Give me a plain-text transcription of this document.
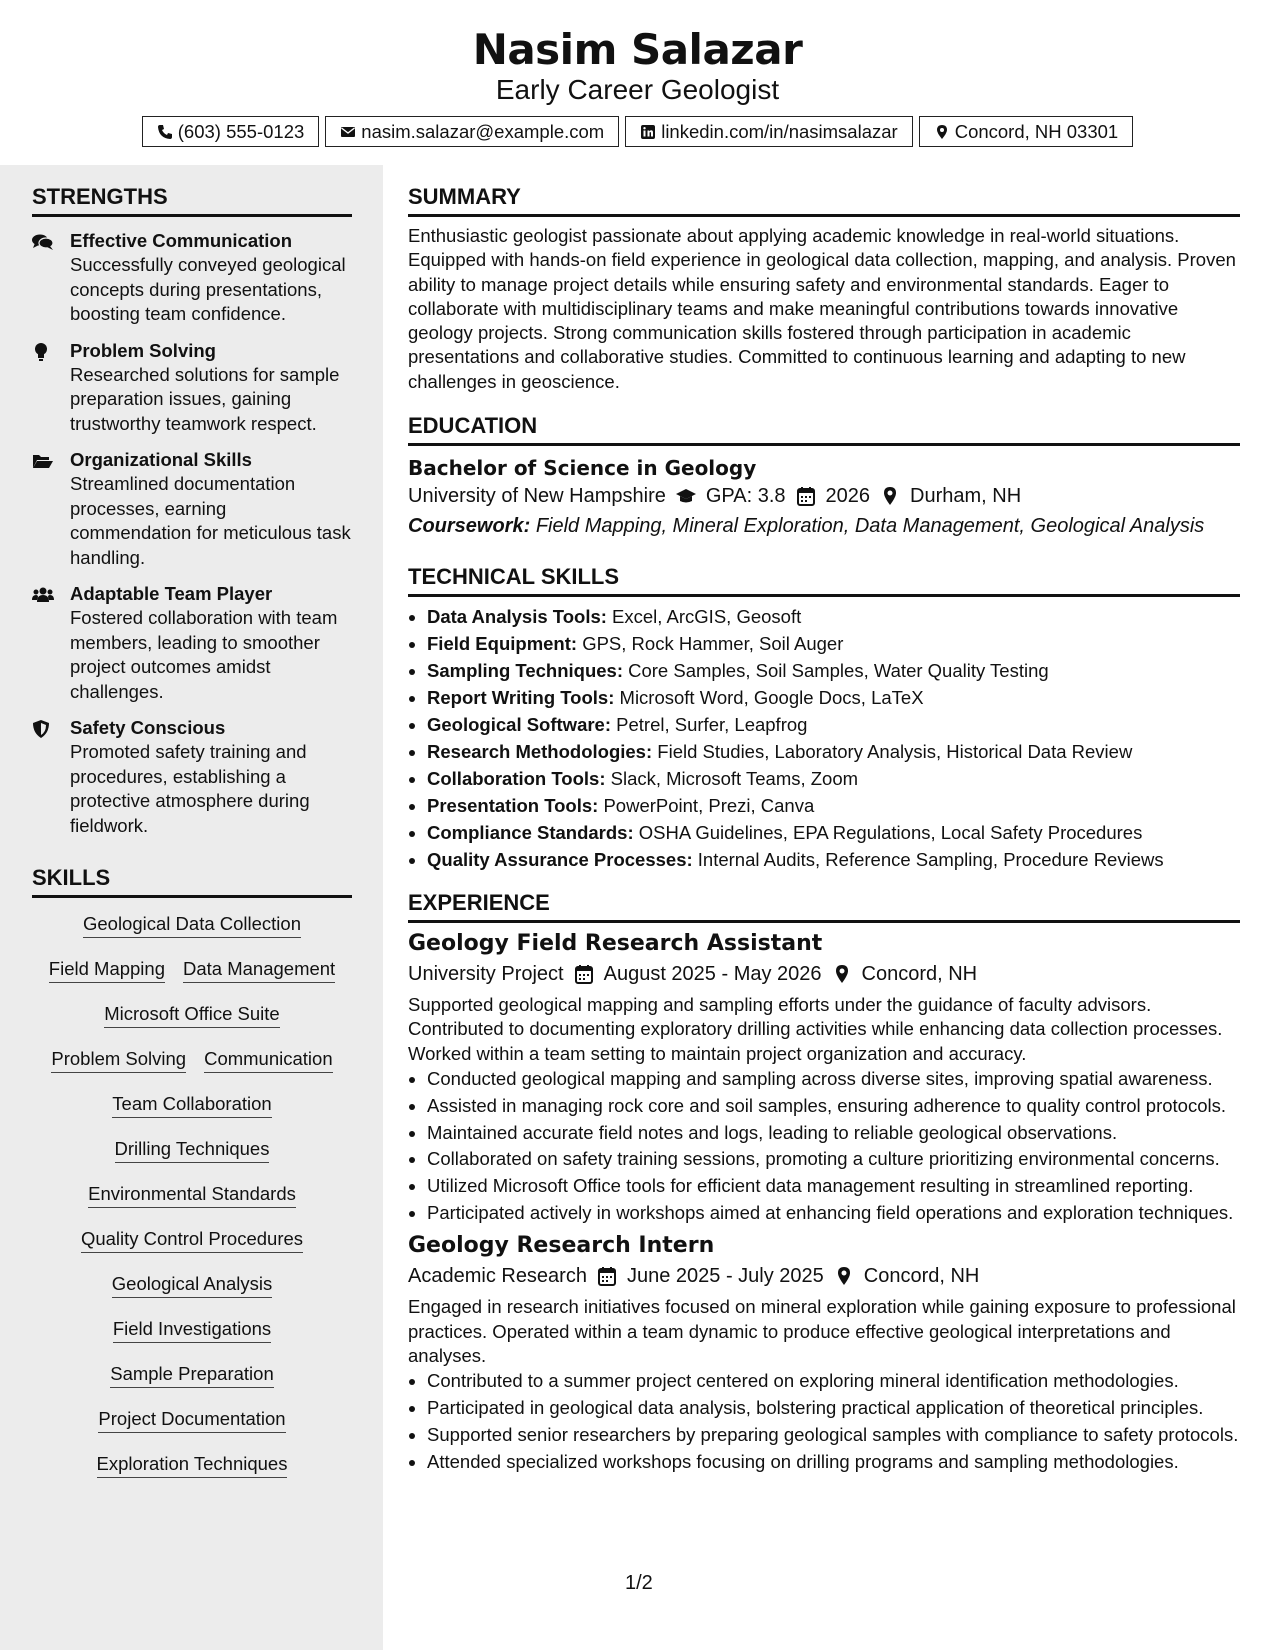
Nasim Salazar
Early Career Geologist
(603) 555-0123	nasim.salazar@example.com	linkedin.com/in/nasimsalazar	Concord, NH 03301
STRENGTHS
Effective Communication
Successfully conveyed geological concepts during presentations, boosting team confidence.
Problem Solving
Researched solutions for sample preparation issues, gaining trustworthy teamwork respect.
Organizational Skills
Streamlined documentation processes, earning commendation for meticulous task handling.
Adaptable Team Player
Fostered collaboration with team members, leading to smoother project outcomes amidst challenges.
Safety Conscious
Promoted safety training and procedures, establishing a protective atmosphere during fieldwork.
SKILLS
Geological Data Collection
Field Mapping Data Management
Microsoft Office Suite
Problem Solving Communication
Team Collaboration
Drilling Techniques
Environmental Standards
Quality Control Procedures
Geological Analysis
Field Investigations
Sample Preparation
Project Documentation
Exploration Techniques
SUMMARY
Enthusiastic geologist passionate about applying academic knowledge in real-world situations. Equipped with hands-on field experience in geological data collection, mapping, and analysis. Proven ability to manage project details while ensuring safety and environmental standards. Eager to collaborate with multidisciplinary teams and make meaningful contributions towards innovative geology projects. Strong communication skills fostered through participation in academic presentations and collaborative studies. Committed to continuous learning and adapting to new challenges in geoscience.
EDUCATION
Bachelor of Science in Geology
University of New Hampshire GPA: 3.8 2026 Durham, NH
Coursework: Field Mapping, Mineral Exploration, Data Management, Geological Analysis
TECHNICAL SKILLS
• Data Analysis Tools: Excel, ArcGIS, Geosoft
• Field Equipment: GPS, Rock Hammer, Soil Auger
• Sampling Techniques: Core Samples, Soil Samples, Water Quality Testing
• Report Writing Tools: Microsoft Word, Google Docs, LaTeX
• Geological Software: Petrel, Surfer, Leapfrog
• Research Methodologies: Field Studies, Laboratory Analysis, Historical Data Review
• Collaboration Tools: Slack, Microsoft Teams, Zoom
• Presentation Tools: PowerPoint, Prezi, Canva
• Compliance Standards: OSHA Guidelines, EPA Regulations, Local Safety Procedures
• Quality Assurance Processes: Internal Audits, Reference Sampling, Procedure Reviews
EXPERIENCE
Geology Field Research Assistant
University Project August 2025 - May 2026 Concord, NH
Supported geological mapping and sampling efforts under the guidance of faculty advisors. Contributed to documenting exploratory drilling activities while enhancing data collection processes. Worked within a team setting to maintain project organization and accuracy.
• Conducted geological mapping and sampling across diverse sites, improving spatial awareness.
• Assisted in managing rock core and soil samples, ensuring adherence to quality control protocols.
• Maintained accurate field notes and logs, leading to reliable geological observations.
• Collaborated on safety training sessions, promoting a culture prioritizing environmental concerns.
• Utilized Microsoft Office tools for efficient data management resulting in streamlined reporting.
• Participated actively in workshops aimed at enhancing field operations and exploration techniques.
Geology Research Intern
Academic Research June 2025 - July 2025 Concord, NH
Engaged in research initiatives focused on mineral exploration while gaining exposure to professional practices. Operated within a team dynamic to produce effective geological interpretations and analyses.
• Contributed to a summer project centered on exploring mineral identification methodologies.
• Participated in geological data analysis, bolstering practical application of theoretical principles.
• Supported senior researchers by preparing geological samples with compliance to safety protocols.
• Attended specialized workshops focusing on drilling programs and sampling methodologies.
1/2
